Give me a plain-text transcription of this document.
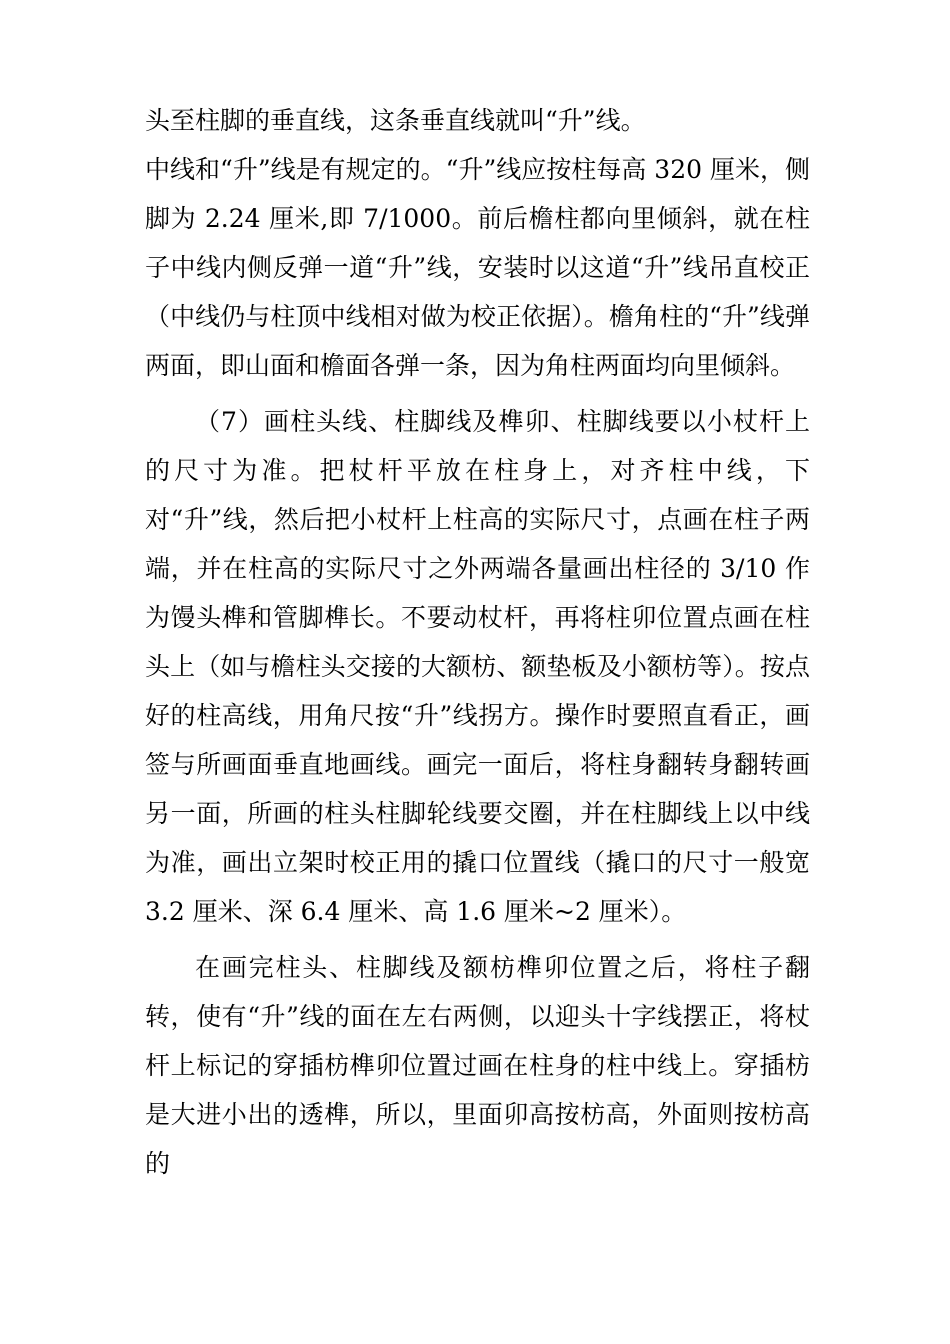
头至柱脚的垂直线，这条垂直线就叫“升”线。

中线和“升”线是有规定的。“升”线应按柱每高 320 厘米，侧脚为 2.24 厘米,即 7/1000。前后檐柱都向里倾斜，就在柱子中线内侧反弹一道“升”线，安装时以这道“升”线吊直校正（中线仍与柱顶中线相对做为校正依据）。檐角柱的“升”线弹两面，即山面和檐面各弹一条，因为角柱两面均向里倾斜。

（7）画柱头线、柱脚线及榫卯、柱脚线要以小杖杆上的尺寸为准。把杖杆平放在柱身上，对齐柱中线，下对“升”线，然后把小杖杆上柱高的实际尺寸，点画在柱子两端，并在柱高的实际尺寸之外两端各量画出柱径的 3/10 作为馒头榫和管脚榫长。不要动杖杆，再将柱卯位置点画在柱头上（如与檐柱头交接的大额枋、额垫板及小额枋等）。按点好的柱高线，用角尺按“升”线拐方。操作时要照直看正，画签与所画面垂直地画线。画完一面后，将柱身翻转身翻转画另一面，所画的柱头柱脚轮线要交圈，并在柱脚线上以中线为准，画出立架时校正用的撬口位置线（撬口的尺寸一般宽 3.2 厘米、深 6.4 厘米、高 1.6 厘米~2 厘米）。

在画完柱头、柱脚线及额枋榫卯位置之后，将柱子翻转，使有“升”线的面在左右两侧，以迎头十字线摆正，将杖杆上标记的穿插枋榫卯位置过画在柱身的柱中线上。穿插枋是大进小出的透榫，所以，里面卯高按枋高，外面则按枋高的
